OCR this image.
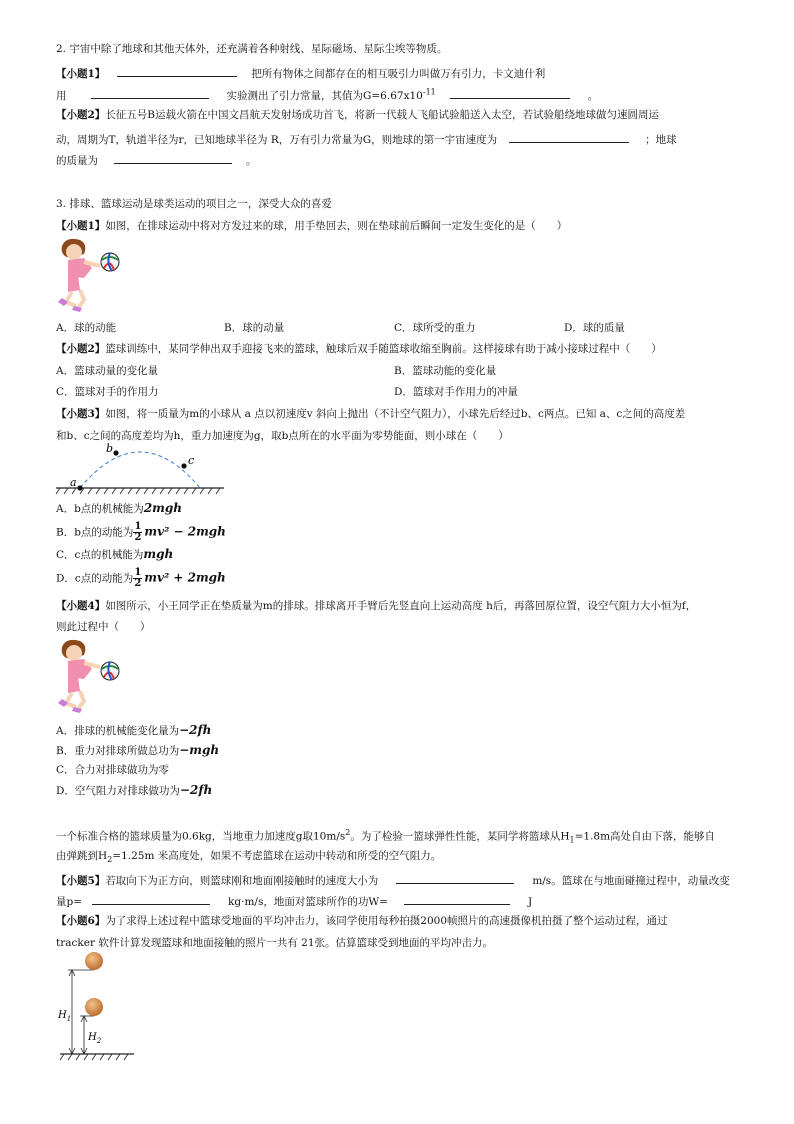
2. 宇宙中除了地球和其他天体外，还充满着各种射线、星际磁场、星际尘埃等物质。
【小题1】	把所有物体之间都存在的相互吸引力叫做万有引力，卡文迪什利
用	实验测出了引力常量，其值为$G=6.67x10^{-11}$	。
【小题2】长征五号B运载火箭在中国文昌航天发射场成功首飞，将新一代载人飞船试验船送入太空，若试验船绕地球做匀速圆周运
动，周期为T，轨道半径为r，已知地球半径为 R，万有引力常量为G，则地球的第一宇宙速度为	；地球
的质量为	。
3. 排球、篮球运动是球类运动的项目之一，深受大众的喜爱
【小题1】如图，在排球运动中将对方发过来的球，用手垫回去，则在垫球前后瞬间一定发生变化的是（　　）
A．球的动能	B．球的动量	C．球所受的重力	D．球的质量
【小题2】篮球训练中，某同学伸出双手迎接飞来的篮球，触球后双手随篮球收缩至胸前。这样接球有助于减小接球过程中（　　）
A．篮球动量的变化量	B．篮球动能的变化量
C．篮球对手的作用力	D．篮球对手作用力的冲量
【小题3】如图，将一质量为m的小球从 a 点以初速度v 斜向上抛出（不计空气阻力），小球先后经过b、c两点。已知 a、c之间的高度差
和b、c之间的高度差均为h，重力加速度为g，取b点所在的水平面为零势能面，则小球在（　　）
a
b
c
A．b点的机械能为2mgh
B．b点的动能为 $\frac{1}{2} mv^2 - 2mgh$
C．c点的机械能为mgh
D．c点的动能为 $\frac{1}{2} mv^2 + 2mgh$
【小题4】如图所示，小王同学正在垫质量为m的排球。排球离开手臂后先竖直向上运动高度 h后，再落回原位置，设空气阻力大小恒为f，
则此过程中（　　）
A．排球的机械能变化量为−2fh
B．重力对排球所做总功为−mgh
C．合力对排球做功为零
D．空气阻力对排球做功为−2fh
一个标准合格的篮球质量为0.6kg，当地重力加速度g取$10m/s^2$。为了检验一篮球弹性性能，某同学将篮球从$H_1=1.8m$高处自由下落，能够自
由弹跳到$H_2=1.25m$ 米高度处，如果不考虑篮球在运动中转动和所受的空气阻力。
【小题5】若取向下为正方向，则篮球刚和地面刚接触时的速度大小为	m/s。篮球在与地面碰撞过程中，动量改变
量p=	kg·m/s，地面对篮球所作的功W=	J
【小题6】为了求得上述过程中篮球受地面的平均冲击力，该同学使用每秒拍摄2000帧照片的高速摄像机拍摄了整个运动过程，通过
tracker 软件计算发现篮球和地面接触的照片一共有 21张。估算篮球受到地面的平均冲击力。
$H_1$
$H_2$
